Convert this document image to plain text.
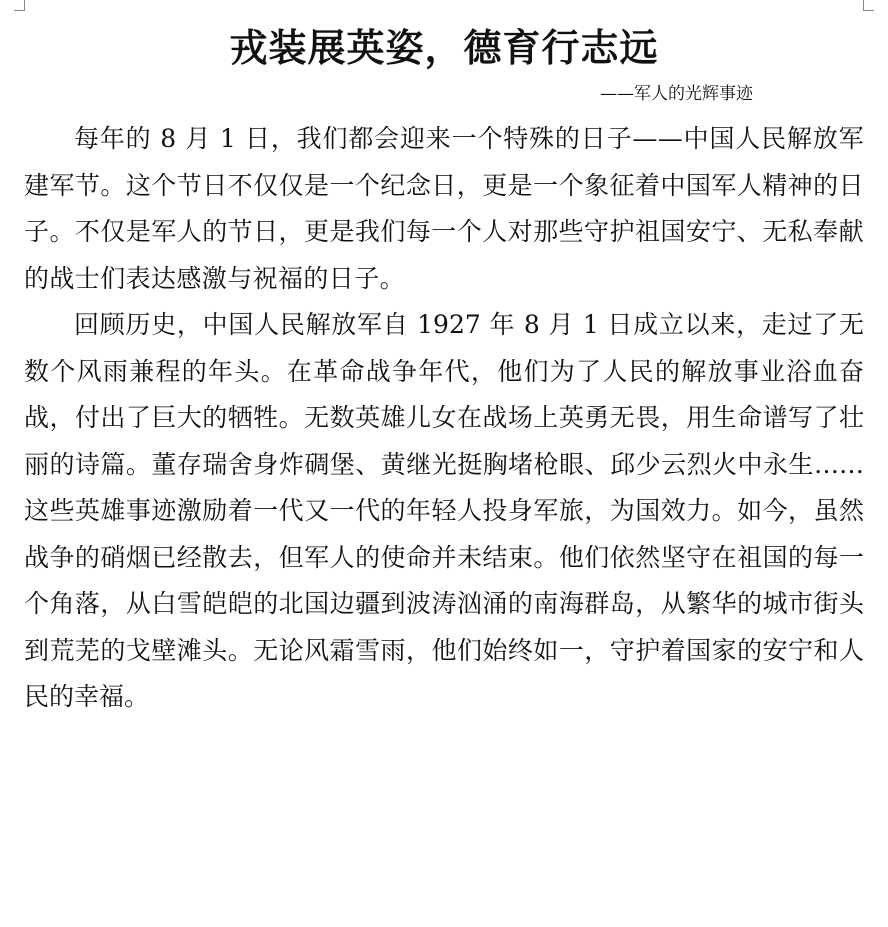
戎装展英姿，德育行志远

——军人的光辉事迹

每年的 8 月 1 日，我们都会迎来一个特殊的日子——中国人民解放军建军节。这个节日不仅仅是一个纪念日，更是一个象征着中国军人精神的日子。不仅是军人的节日，更是我们每一个人对那些守护祖国安宁、无私奉献的战士们表达感激与祝福的日子。

回顾历史，中国人民解放军自 1927 年 8 月 1 日成立以来，走过了无数个风雨兼程的年头。在革命战争年代，他们为了人民的解放事业浴血奋战，付出了巨大的牺牲。无数英雄儿女在战场上英勇无畏，用生命谱写了壮丽的诗篇。董存瑞舍身炸碉堡、黄继光挺胸堵枪眼、邱少云烈火中永生……这些英雄事迹激励着一代又一代的年轻人投身军旅，为国效力。如今，虽然战争的硝烟已经散去，但军人的使命并未结束。他们依然坚守在祖国的每一个角落，从白雪皑皑的北国边疆到波涛汹涌的南海群岛，从繁华的城市街头到荒芜的戈壁滩头。无论风霜雪雨，他们始终如一，守护着国家的安宁和人民的幸福。
